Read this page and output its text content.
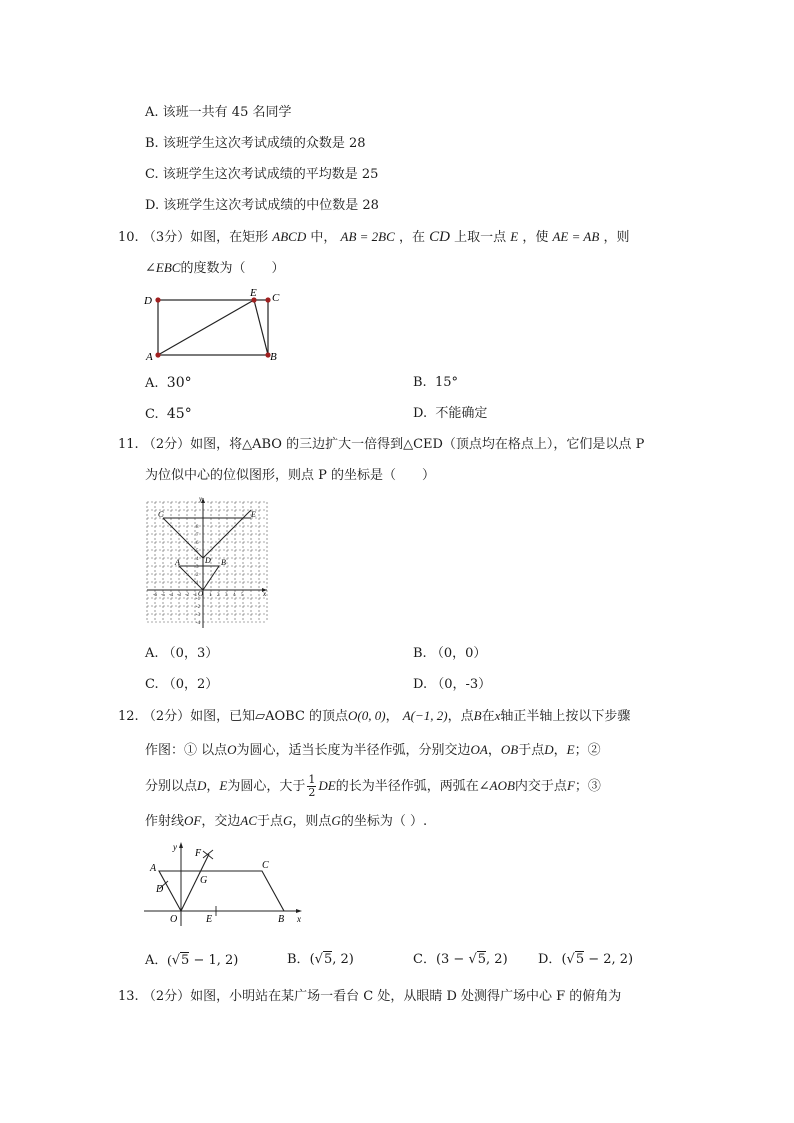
A. 该班一共有 45 名同学
B. 该班学生这次考试成绩的众数是 28
C. 该班学生这次考试成绩的平均数是 25
D. 该班学生这次考试成绩的中位数是 28
10. （3分）如图，在矩形 ABCD 中， AB = 2BC ，在 CD 上取一点 E ，使 AE = AB ，则
∠EBC的度数为（　　）
D
E C
A	B
A. 30°	B. 15°
C. 45°	D. 不能确定
11. （2分）如图，将△ABO 的三边扩大一倍得到△CED（顶点均在格点上），它们是以点 P
为位似中心的位似图形，则点 P 的坐标是（　　）
-6 -5 -4 -3 -2 -1 1 2 3 4 5
8
7
6
5
4
3
2
1
-1
-2
-3
-4
y
x
C	E
A	B
D
O
A. （0，3）	B. （0，0）
C. （0，2）	D. （0，-3）
12. （2分）如图，已知▱AOBC 的顶点O(0, 0)， A(−1, 2)，点B在x轴正半轴上按以下步骤
作图：① 以点O为圆心，适当长度为半径作弧，分别交边OA，OB于点D，E；②
分别以点D，E为圆心，大于 $\frac{1}{2}$ DE的长为半径作弧，两弧在∠AOB内交于点F；③
作射线OF，交边AC于点G，则点G的坐标为（ ）.
y
x
A	C
F
G
D
O	E	B
A．(√5 − 1, 2)	B．(√5, 2)	C．(3 − √5, 2) D．(√5 − 2, 2)
13. （2分）如图，小明站在某广场一看台 C 处，从眼睛 D 处测得广场中心 F 的俯角为
